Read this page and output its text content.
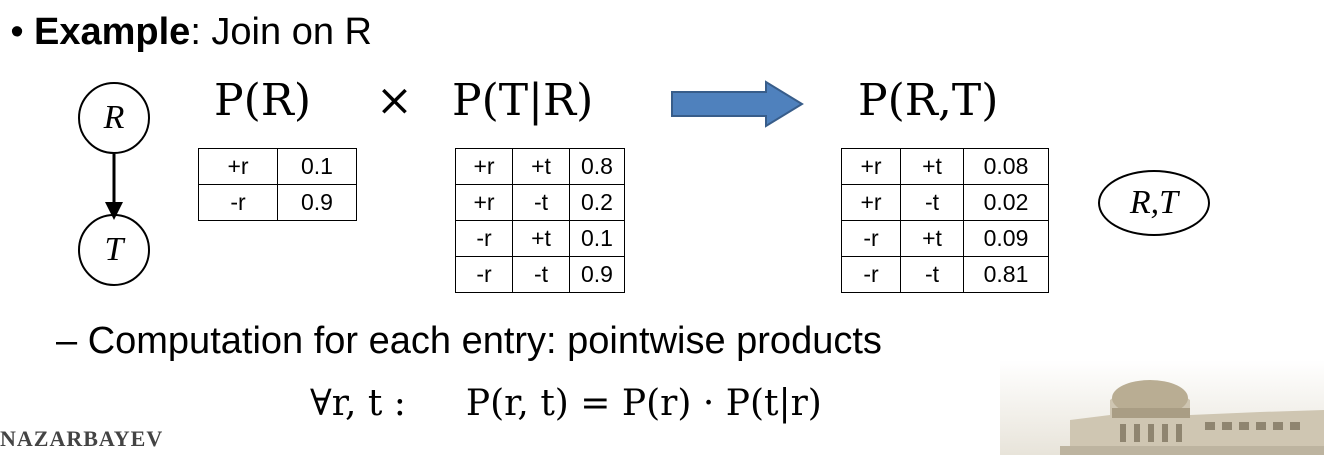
• Example: Join on R
R
T
P(R) × P(T|R)	P(R,T)
+r	0.1
-r	0.9
+r	+t	0.8
+r	-t	0.2
-r	+t	0.1
-r	-t	0.9
+r	+t	0.08
+r	-t	0.02
-r	+t	0.09
-r	-t	0.81
R,T
– Computation for each entry: pointwise products
∀r, t : P(r, t) = P(r) · P(t|r)
NAZARBAYEV
